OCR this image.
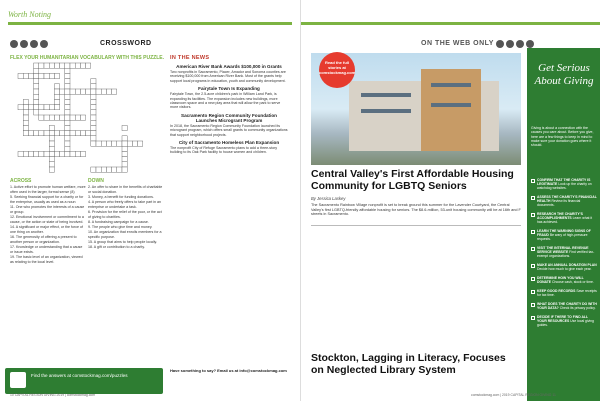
Worth Noting
CROSSWORD
FLEX YOUR HUMANITARIAN VOCABULARY WITH THIS PUZZLE.
ACROSS
1. Active effort to promote human welfare, more often used in the larger, formal sense (8)
5. Seeking financial support for a charity or for the enterprise, usually as used as a noun
11. One who promotes the interests of a cause or group.
12. Emotional involvement or commitment to a cause, or the action or state of being involved.
14. A significant or major effect, or the force of one thing on another.
16. The generosity of offering a present to another person or organization.
17. Knowledge or understanding that a cause or issue exists.
19. The basic level of an organization, viewed as relating to the local level.
DOWN
2. An offer to share in the benefits of charitable or social donation.
3. Money, a benefit for funding donations.
4. A person who freely offers to take part in an enterprise or undertake a task.
6. Provision for the relief of the poor, or the act of giving to charities.
8. A fundraising campaign for a cause.
9. The people who give time and money.
10. An organization that enrolls members for a specific purpose.
15. A group that aims to help people locally.
18. A gift or contribution to a charity.
Find the answers at comstockmag.com/puzzles
IN THE NEWS
American River Bank Awards $100,000 in Grants
Two nonprofits in Sacramento, Placer, Amador and Sonoma counties are receiving $100,000 from American River Bank. Most of the grants help support local programs in education, youth and community development.
Fairytale Town Is Expanding
Fairytale Town, the 2.5-acre children's park in William Land Park, is expanding its facilities. The expansion includes new buildings, more classroom space and a new play area that will allow the park to serve more visitors.
Sacramento Region Community Foundation Launches Microgrant Program
In 2018, the Sacramento Region Community Foundation launched its microgrant program, which offers small grants to community organizations that support neighborhood projects.
City of Sacramento Homeless Plan Expansion
The nonprofit City of Refuge Sacramento plans to add a three-story building to its Oak Park facility to house women and children.
Have something to say? Email us at info@comstockmag.com
10 CAPITAL REGION GIVING 2019 | comstockmag.com
ON THE WEB ONLY
Read the full stories at comstockmag.com
Central Valley's First Affordable Housing Community for LGBTQ Seniors
By Jessica Laskey
The Sacramento Rainbow Village nonprofit is set to break ground this summer for the Lavender Courtyard, the Central Valley's first LGBTQ-friendly affordable housing for seniors. The $8.6-million, 53-unit housing community will be at 16th and F streets in Sacramento.
Stockton, Lagging in Literacy, Focuses on Neglected Library System
Get Serious About Giving
Giving is about a connection with the causes you care about. Before you give, here are a few things to keep in mind to make sure your donation goes where it should.
CONFIRM THAT THE CHARITY IS LEGITIMATE Look up the charity on watchdog websites.
ASSESS THE CHARITY'S FINANCIAL HEALTH Review its financial documents.
RESEARCH THE CHARITY'S ACCOMPLISHMENTS Learn what it has achieved.
LEARN THE WARNING SIGNS OF FRAUD Be wary of high-pressure requests.
VISIT THE INTERNAL REVENUE SERVICE WEBSITE Find verified tax-exempt organizations.
MAKE AN ANNUAL DONATION PLAN Decide how much to give each year.
DETERMINE HOW YOU WILL DONATE Choose cash, stock or time.
KEEP GOOD RECORDS Save receipts for tax time.
WHAT DOES THE CHARITY DO WITH YOUR DATA? Check its privacy policy.
DECIDE IF THERE TO FIND ALL YOUR RESOURCES Use local giving guides.
comstockmag.com | 2019 CAPITAL REGION GIVING 11
